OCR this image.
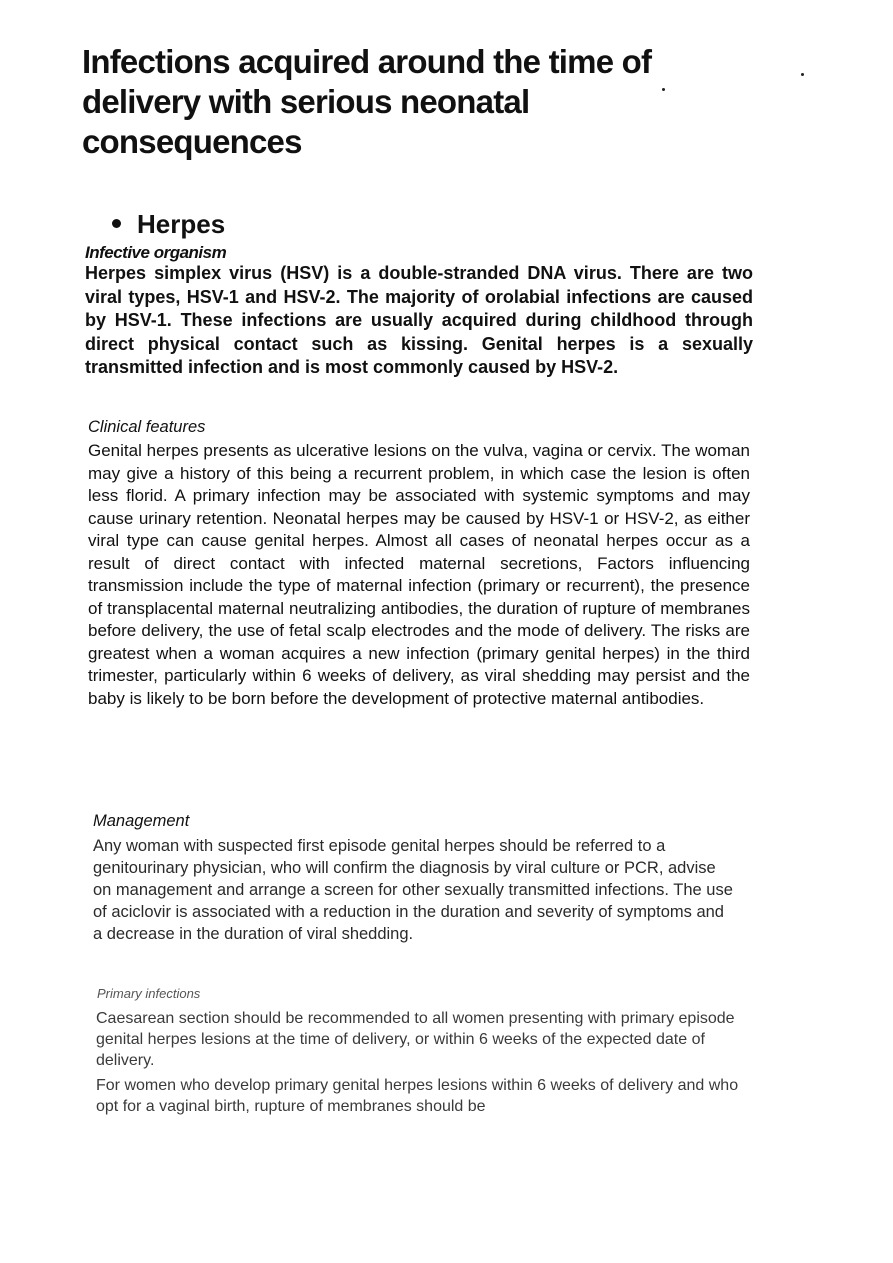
Infections acquired around the time of delivery with serious neonatal consequences
Herpes
Infective organism

Herpes simplex virus (HSV) is a double-stranded DNA virus. There are two viral types, HSV-1 and HSV-2. The majority of orolabial infections are caused by HSV-1. These infections are usually acquired during childhood through direct physical contact such as kissing. Genital herpes is a sexually transmitted infection and is most commonly caused by HSV-2.

Clinical features

Genital herpes presents as ulcerative lesions on the vulva, vagina or cervix. The woman may give a history of this being a recurrent problem, in which case the lesion is often less florid. A primary infection may be associated with systemic symptoms and may cause urinary retention. Neonatal herpes may be caused by HSV-1 or HSV-2, as either viral type can cause genital herpes. Almost all cases of neonatal herpes occur as a result of direct contact with infected maternal secretions, Factors influencing transmission include the type of maternal infection (primary or recurrent), the presence of transplacental maternal neutralizing antibodies, the duration of rupture of membranes before delivery, the use of fetal scalp electrodes and the mode of delivery. The risks are greatest when a woman acquires a new infection (primary genital herpes) in the third trimester, particularly within 6 weeks of delivery, as viral shedding may persist and the baby is likely to be born before the development of protective maternal antibodies.

Management

Any woman with suspected first episode genital herpes should be referred to a genitourinary physician, who will confirm the diagnosis by viral culture or PCR, advise on management and arrange a screen for other sexually transmitted infections. The use of aciclovir is associated with a reduction in the duration and severity of symptoms and a decrease in the duration of viral shedding.

Primary infections

Caesarean section should be recommended to all women presenting with primary episode genital herpes lesions at the time of delivery, or within 6 weeks of the expected date of delivery.

For women who develop primary genital herpes lesions within 6 weeks of delivery and who opt for a vaginal birth, rupture of membranes should be
